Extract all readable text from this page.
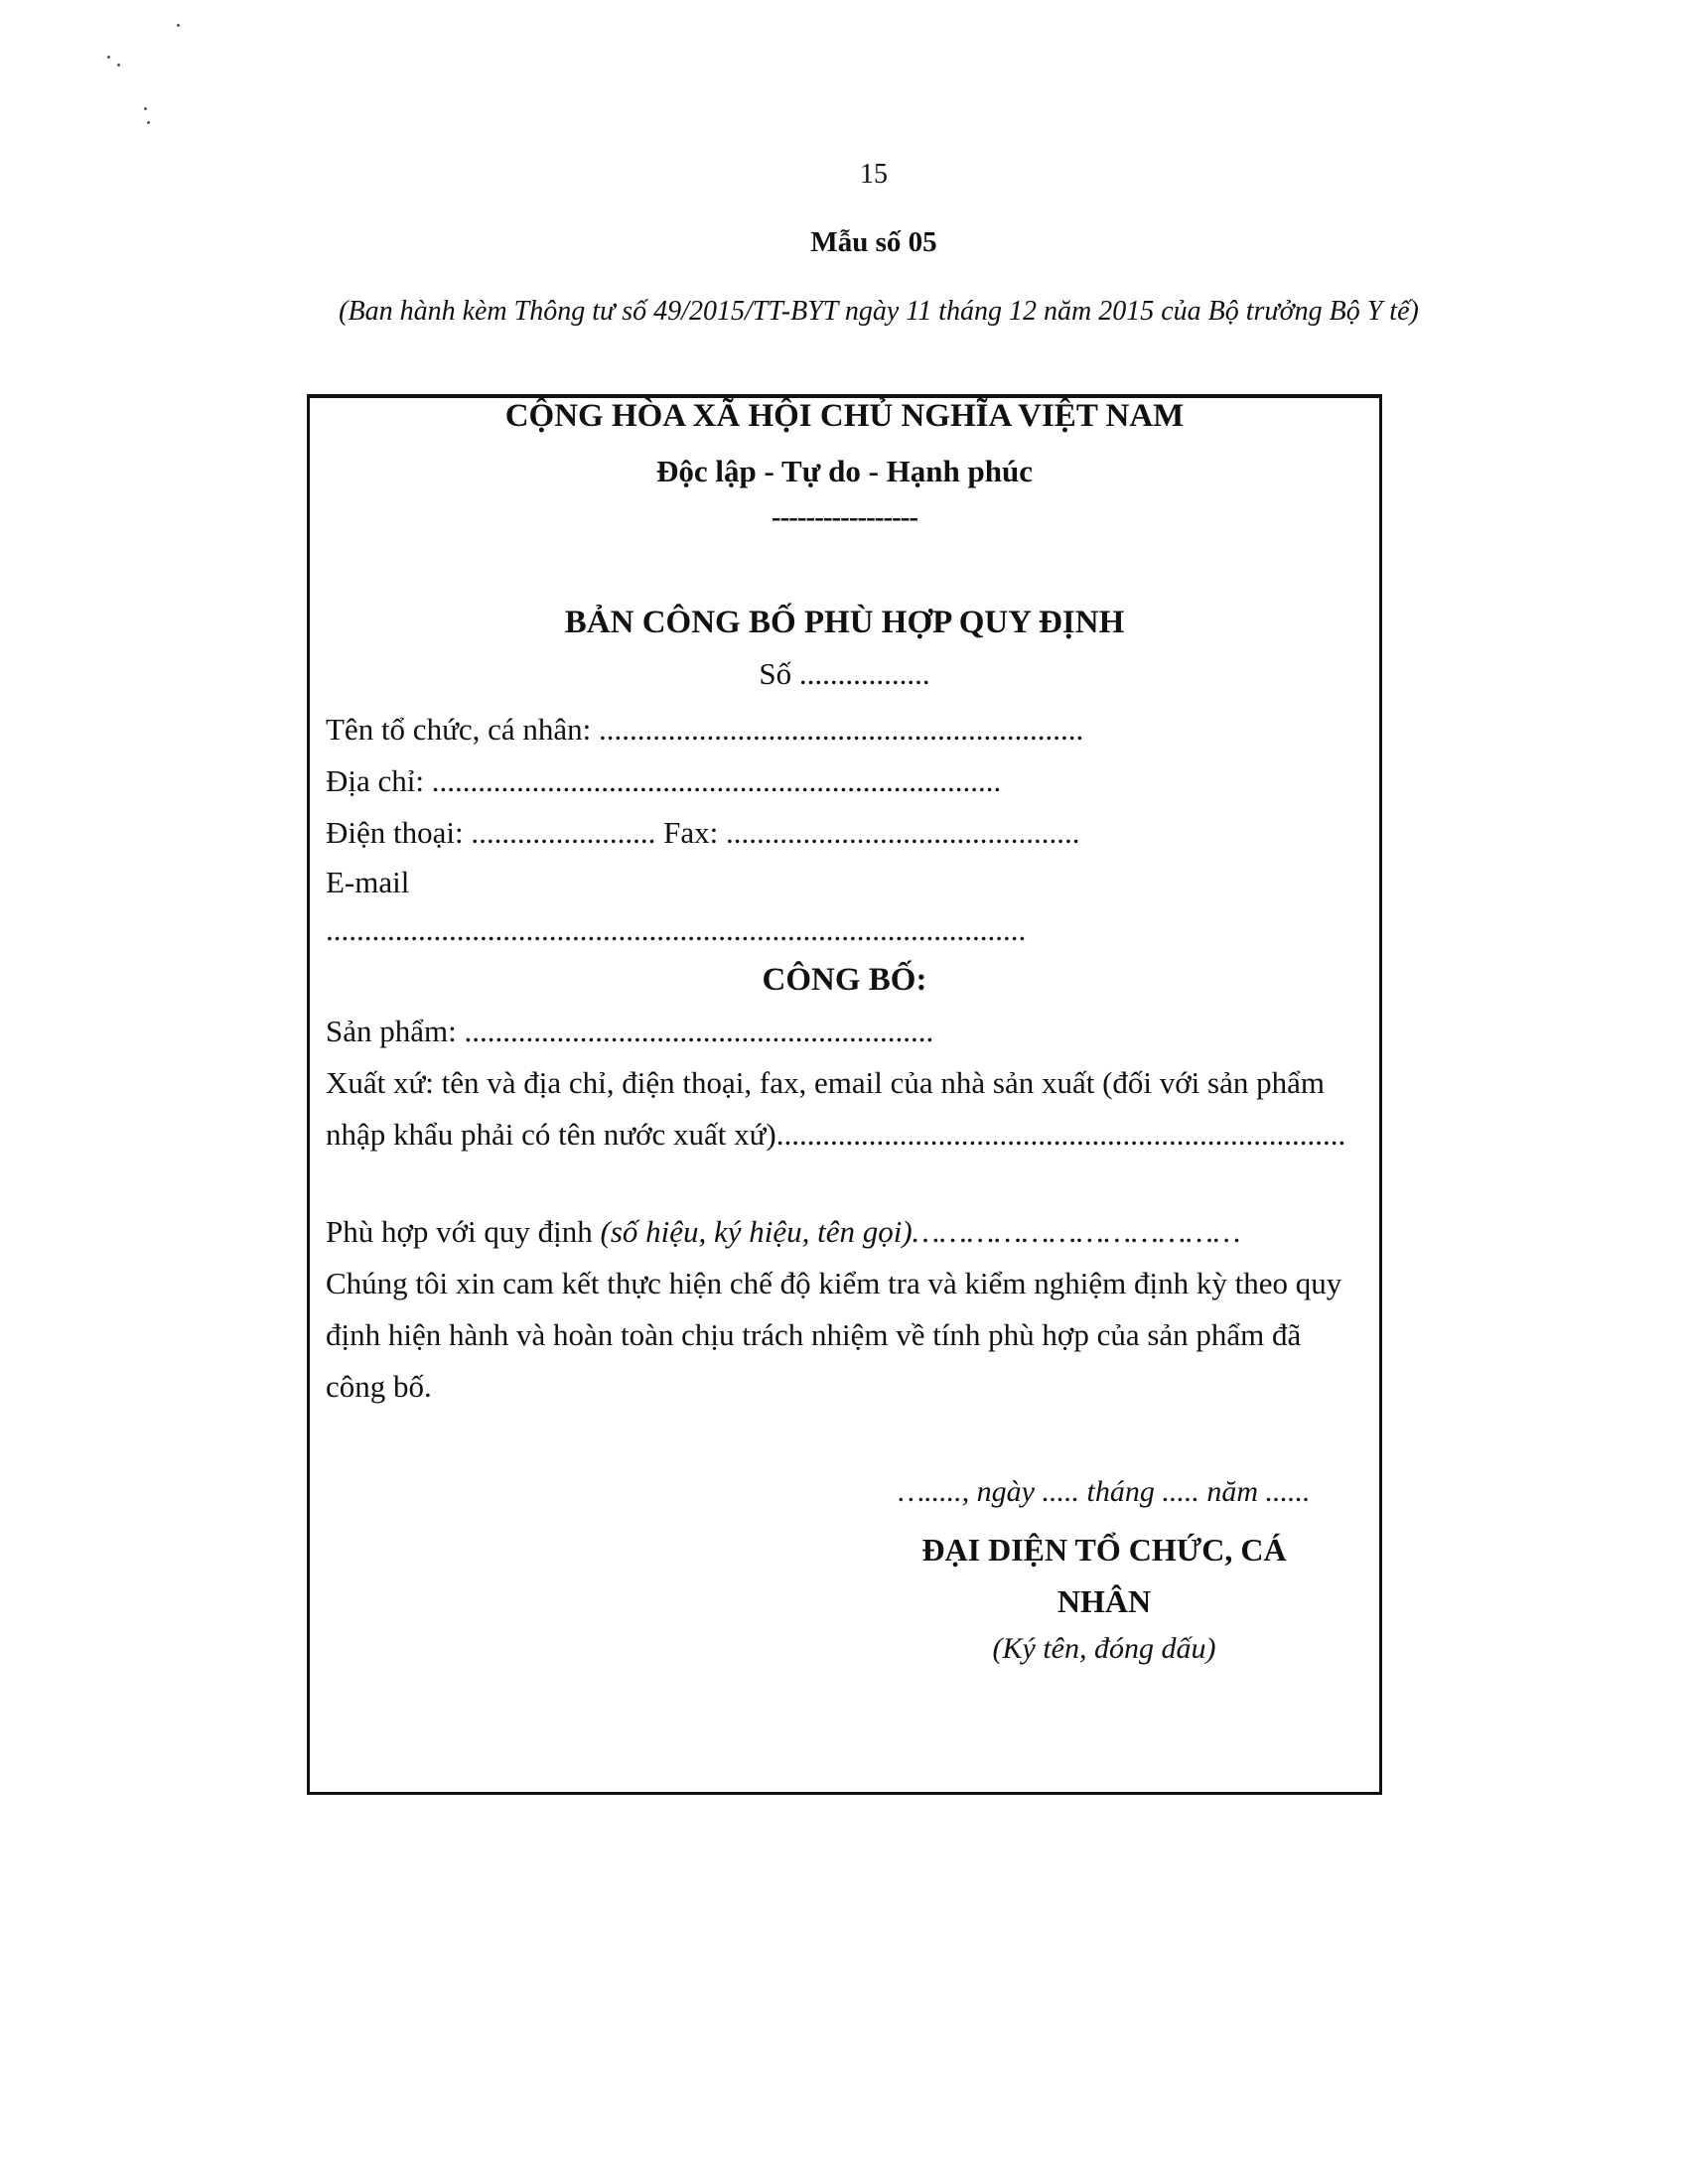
15
Mẫu số 05
(Ban hành kèm Thông tư số 49/2015/TT-BYT ngày 11 tháng 12 năm 2015 của Bộ trưởng Bộ Y tế)
CỘNG HÒA XÃ HỘI CHỦ NGHĨA VIỆT NAM
Độc lập - Tự do - Hạnh phúc
-----------------
BẢN CÔNG BỐ PHÙ HỢP QUY ĐỊNH
Số .................
Tên tổ chức, cá nhân: ...............................................................
Địa chỉ: ..........................................................................
Điện thoại: ........................ Fax: ..............................................
E-mail
...........................................................................................
CÔNG BỐ:
Sản phẩm: .............................................................
Xuất xứ: tên và địa chỉ, điện thoại, fax, email của nhà sản xuất (đối với sản phẩm nhập khẩu phải có tên nước xuất xứ)..........................................................................
Phù hợp với quy định (số hiệu, ký hiệu, tên gọi)………………………………
Chúng tôi xin cam kết thực hiện chế độ kiểm tra và kiểm nghiệm định kỳ theo quy định hiện hành và hoàn toàn chịu trách nhiệm về tính phù hợp của sản phẩm đã công bố.
…....., ngày ..... tháng ..... năm ......
ĐẠI DIỆN TỔ CHỨC, CÁ NHÂN
(Ký tên, đóng dấu)
